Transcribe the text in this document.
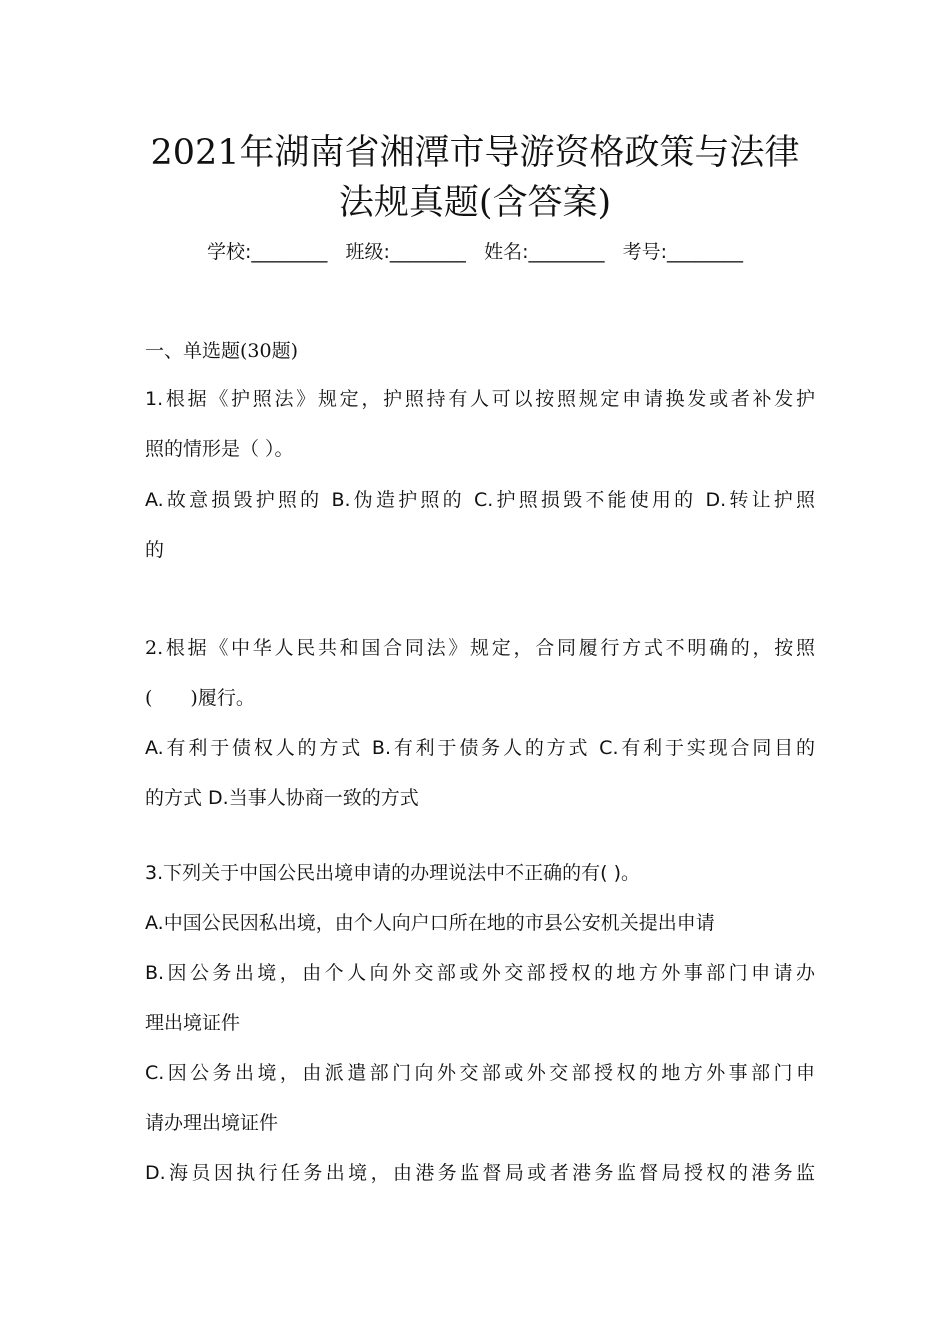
2021年湖南省湘潭市导游资格政策与法律
法规真题(含答案)
学校:________ 班级:________ 姓名:________ 考号:________
一、单选题(30题)
1.根据《护照法》规定，护照持有人可以按照规定申请换发或者补发护
照的情形是（ ）。
A.故意损毁护照的 B.伪造护照的 C.护照损毁不能使用的 D.转让护照
的
2.根据《中华人民共和国合同法》规定，合同履行方式不明确的，按照
(　　)履行。
A.有利于债权人的方式 B.有利于债务人的方式 C.有利于实现合同目的
的方式 D.当事人协商一致的方式
3.下列关于中国公民出境申请的办理说法中不正确的有( )。
A.中国公民因私出境，由个人向户口所在地的市县公安机关提出申请
B.因公务出境，由个人向外交部或外交部授权的地方外事部门申请办
理出境证件
C.因公务出境，由派遣部门向外交部或外交部授权的地方外事部门申
请办理出境证件
D.海员因执行任务出境，由港务监督局或者港务监督局授权的港务监
